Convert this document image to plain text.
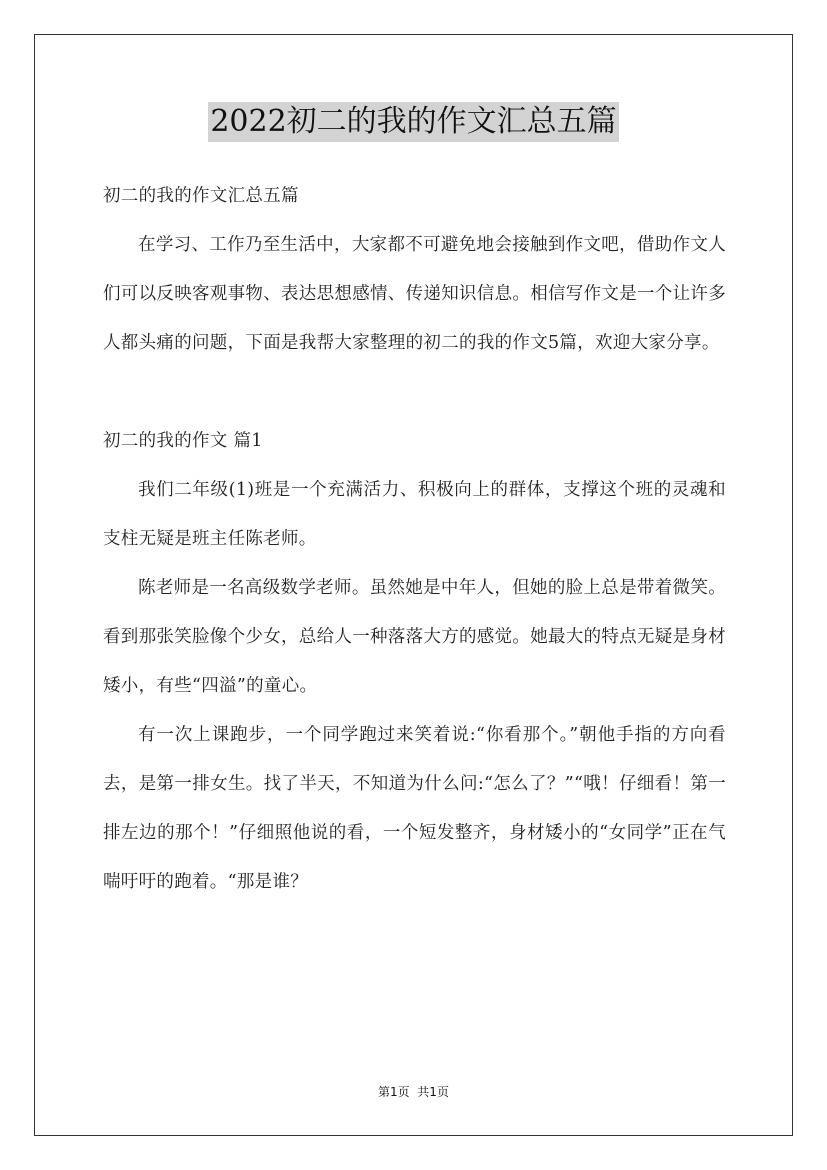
2022初二的我的作文汇总五篇

初二的我的作文汇总五篇

在学习、工作乃至生活中，大家都不可避免地会接触到作文吧，借助作文人们可以反映客观事物、表达思想感情、传递知识信息。相信写作文是一个让许多人都头痛的问题，下面是我帮大家整理的初二的我的作文5篇，欢迎大家分享。

初二的我的作文 篇1

我们二年级(1)班是一个充满活力、积极向上的群体，支撑这个班的灵魂和支柱无疑是班主任陈老师。

陈老师是一名高级数学老师。虽然她是中年人，但她的脸上总是带着微笑。看到那张笑脸像个少女，总给人一种落落大方的感觉。她最大的特点无疑是身材矮小，有些“四溢”的童心。

有一次上课跑步，一个同学跑过来笑着说:“你看那个。”朝他手指的方向看去，是第一排女生。找了半天，不知道为什么问:“怎么了？”“哦！仔细看！第一排左边的那个！”仔细照他说的看，一个短发整齐，身材矮小的“女同学”正在气喘吁吁的跑着。“那是谁？

第1页  共1页
